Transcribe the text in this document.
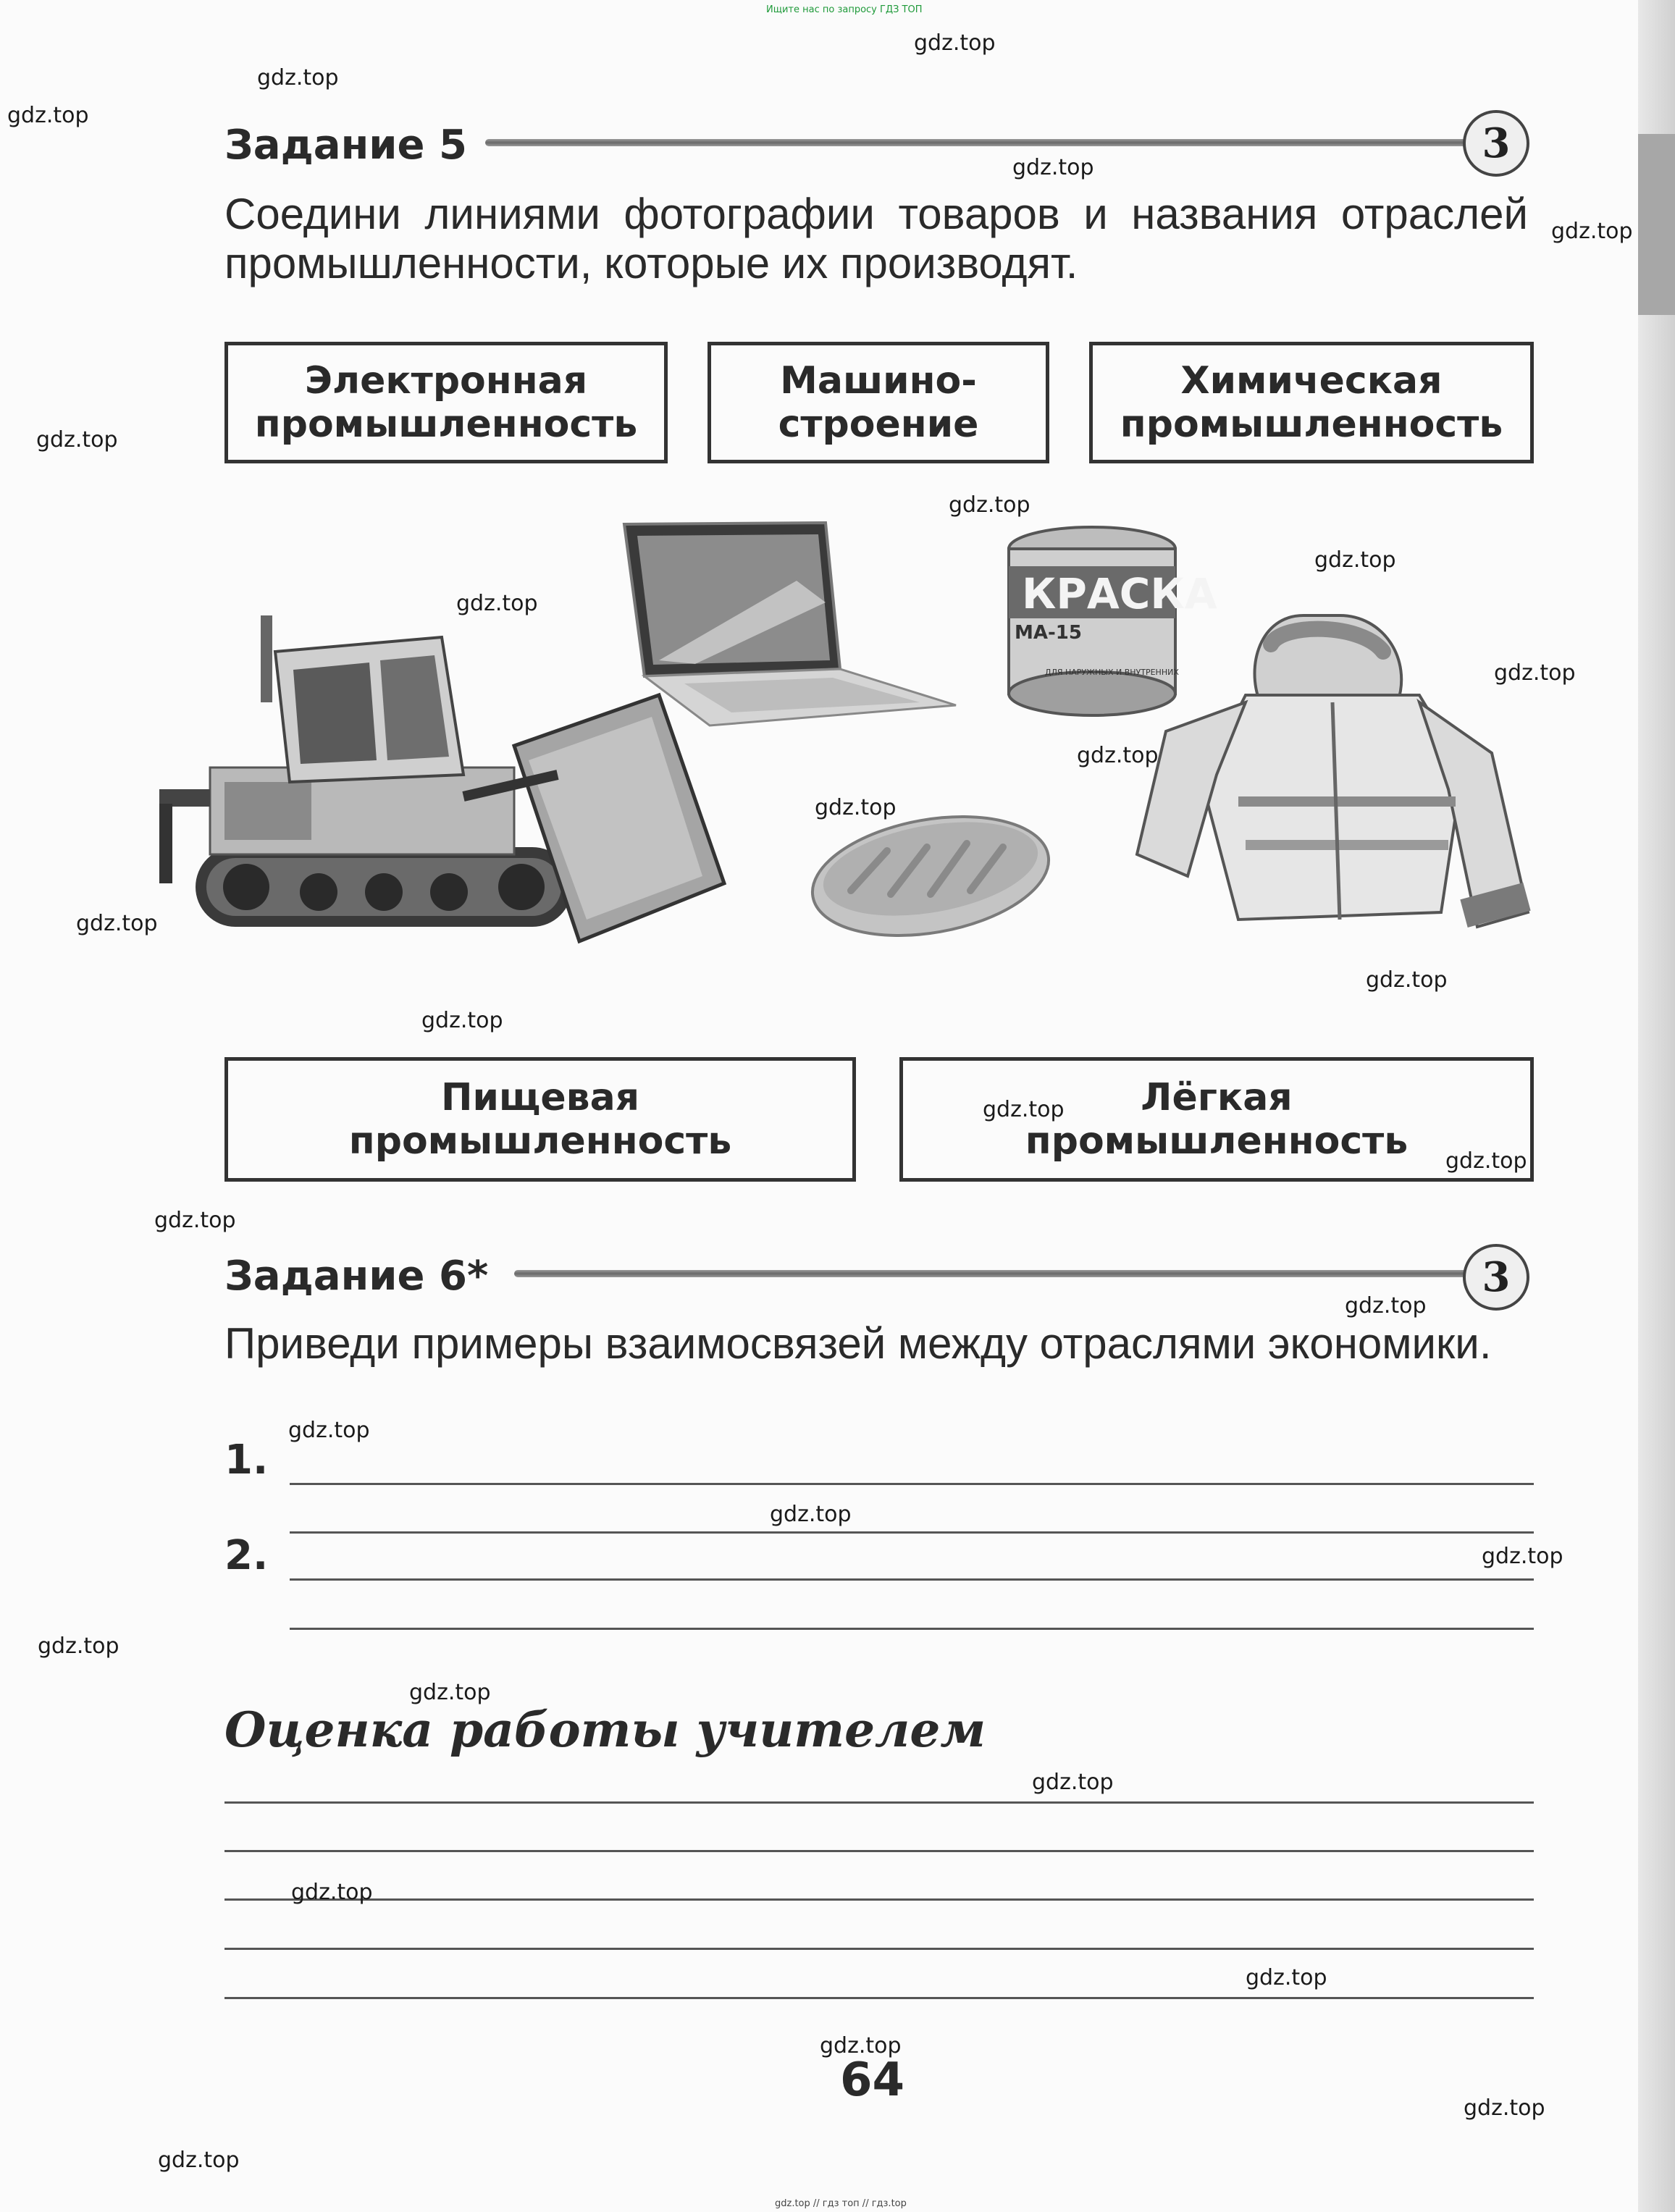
Ищите нас по запросу ГДЗ ТОП
gdz.top // гдз топ // гдз.top
Задание 5	3
Соедини линиями фотографии товаров и названия отраслей промышленности, которые их производят.
Электронная
промышленность
Машино-
строение
Химическая
промышленность
КРАСКА
МА-15
ДЛЯ НАРУЖНЫХ И ВНУТРЕННИХ
Пищевая
промышленность
Лёгкая
промышленность
Задание 6*	3
Приведи примеры взаимосвязей между отраслями экономики.
1.
2.
Оценка работы учителем
64
gdz.top
gdz.top
gdz.top
gdz.top
gdz.top
gdz.top
gdz.top
gdz.top
gdz.top
gdz.top
gdz.top
gdz.top
gdz.top
gdz.top
gdz.top
gdz.top
gdz.top
gdz.top
gdz.top
gdz.top
gdz.top
gdz.top
gdz.top
gdz.top
gdz.top
gdz.top
gdz.top
gdz.top
gdz.top
gdz.top
